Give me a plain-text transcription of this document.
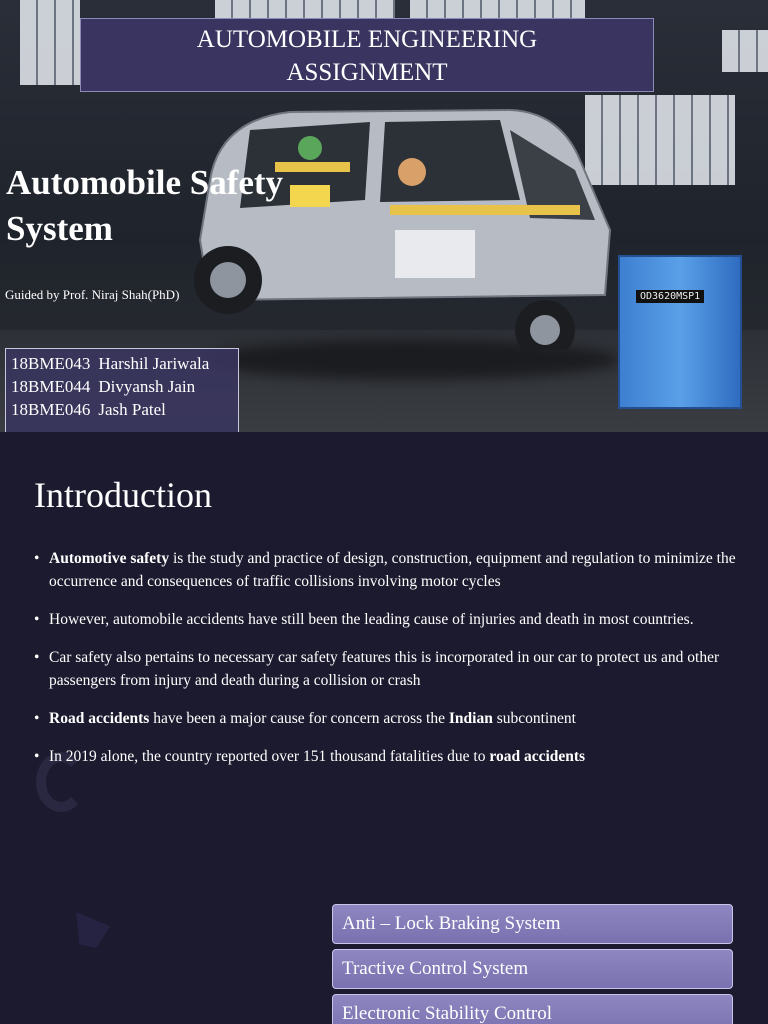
OD3620MSP1
AUTOMOBILE ENGINEERING
ASSIGNMENT
Automobile Safety
System
Guided by Prof. Niraj Shah(PhD)
18BME043 Harshil Jariwala
18BME044 Divyansh Jain
18BME046 Jash Patel
Introduction
• Automotive safety is the study and practice of design, construction, equipment and regulation to minimize the occurrence and consequences of traffic collisions involving motor cycles
• However, automobile accidents have still been the leading cause of injuries and death in most countries.
• Car safety also pertains to necessary car safety features this is incorporated in our car to protect us and other passengers from injury and death during a collision or crash
• Road accidents have been a major cause for concern across the Indian subcontinent
• In 2019 alone, the country reported over 151 thousand fatalities due to road accidents
Anti – Lock Braking System
Tractive Control System
Electronic Stability Control
